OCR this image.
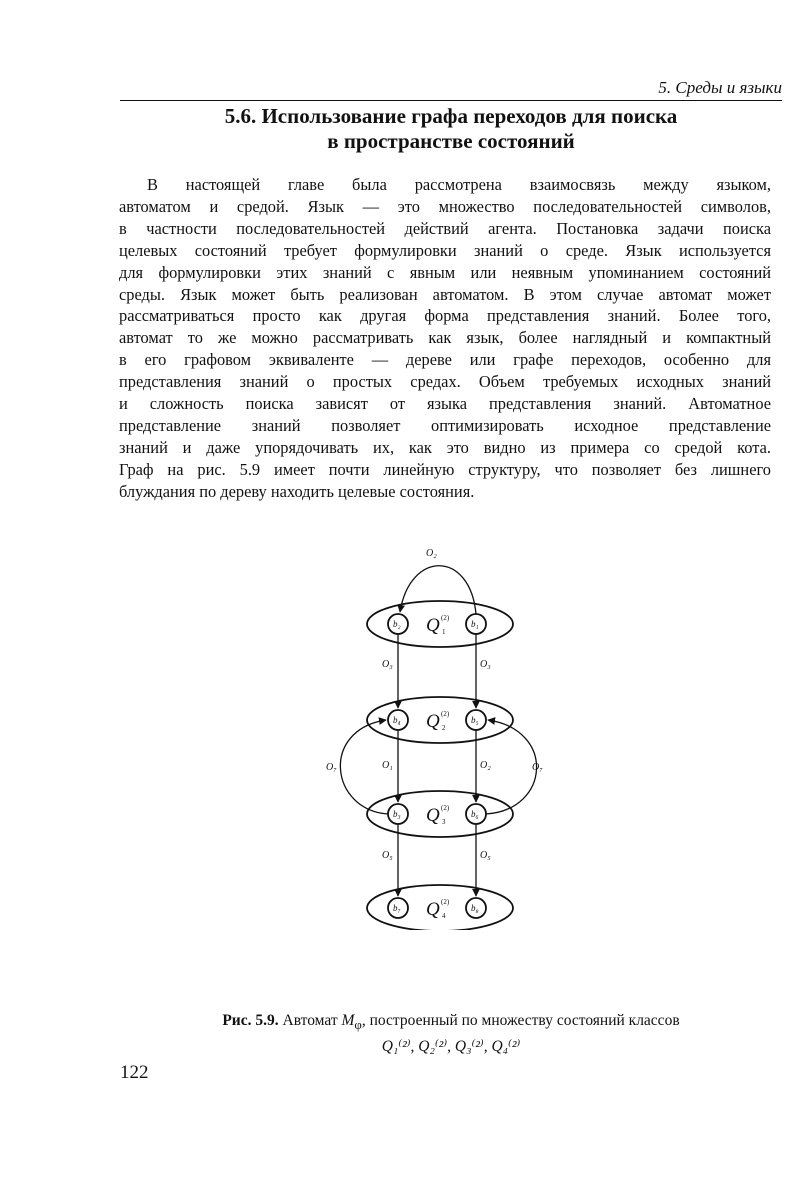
5. Среды и языки
5.6. Использование графа переходов для поиска
в пространстве состояний
В настоящей главе была рассмотрена взаимосвязь между языком,
автоматом и средой. Язык — это множество последовательностей символов,
в частности последовательностей действий агента. Постановка задачи поиска
целевых состояний требует формулировки знаний о среде. Язык используется
для формулировки этих знаний с явным или неявным упоминанием состояний
среды. Язык может быть реализован автоматом. В этом случае автомат может
рассматриваться просто как другая форма представления знаний. Более того,
автомат то же можно рассматривать как язык, более наглядный и компактный
в его графовом эквиваленте — дереве или графе переходов, особенно для
представления знаний о простых средах. Объем требуемых исходных знаний
и сложность поиска зависят от языка представления знаний. Автоматное
представление знаний позволяет оптимизировать исходное представление
знаний и даже упорядочивать их, как это видно из примера со средой кота.
Граф на рис. 5.9 имеет почти линейную структуру, что позволяет без лишнего
блуждания по дереву находить целевые состояния.
Q (2)
1
Q (2)
2
Q (2)
3
Q (2)
4
b₂	b₁
b₄	b₅
b₃	b₆
b₇	b₈
O₂
O₃	O₃
O₁	O₂
O₇	O₇
O₅	O₅
Рис. 5.9. Автомат $M_\varphi$, построенный по множеству состояний классов
Q₁⁽²⁾, Q₂⁽²⁾, Q₃⁽²⁾, Q₄⁽²⁾
122
